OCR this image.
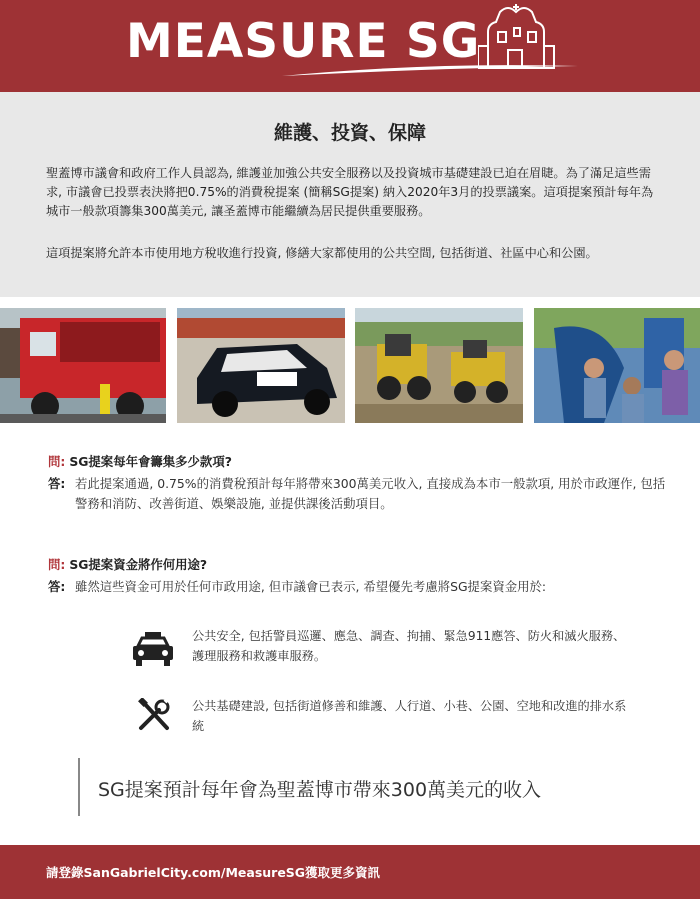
MEASURE SG
維護、投資、保障

聖蓋博市議會和政府工作人員認為, 維護並加強公共安全服務以及投資城市基礎建設已迫在眉睫。為了滿足這些需求, 市議會已投票表決將把0.75%的消費稅提案 (簡稱SG提案) 納入2020年3月的投票議案。這項提案預計每年為城市一般款項籌集300萬美元, 讓圣蓋博市能繼續為居民提供重要服務。

這項提案將允許本市使用地方稅收進行投資, 修繕大家都使用的公共空間, 包括街道、社區中心和公園。

問: SG提案每年會籌集多少款項?
答: 若此提案通過, 0.75%的消費稅預計每年將帶來300萬美元收入, 直接成為本市一般款項, 用於市政運作, 包括警務和消防、改善街道、娛樂設施, 並提供課後活動項目。
問: SG提案資金將作何用途?
答: 雖然這些資金可用於任何市政用途, 但市議會已表示, 希望優先考慮將SG提案資金用於:
公共安全, 包括警員巡邏、應急、調查、拘捕、緊急911應答、防火和滅火服務、護理服務和救護車服務。
公共基礎建設, 包括街道修善和維護、人行道、小巷、公園、空地和改進的排水系統
SG提案預計每年會為聖蓋博市帶來300萬美元的收入
請登錄SanGabrielCity.com/MeasureSG獲取更多資訊
